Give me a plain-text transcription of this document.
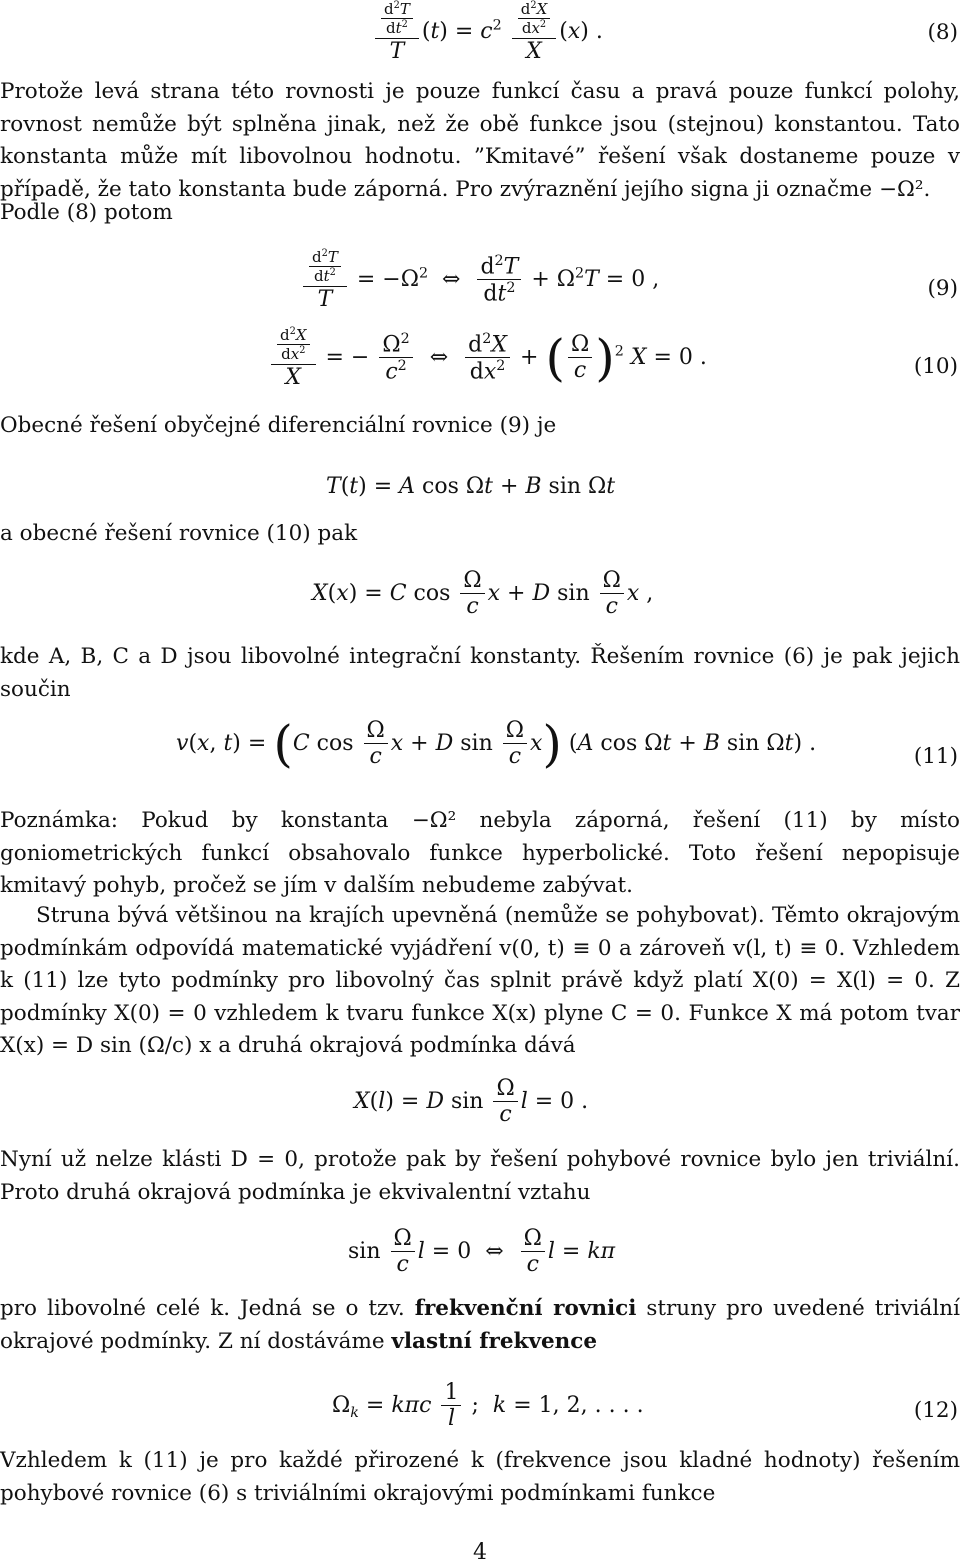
$\frac{\frac{d^2T}{dt^2}}{T} (t) = c^2 \frac{\frac{d^2X}{dx^2}}{X} (x)$ .	(8)

Protože levá strana této rovnosti je pouze funkcí času a pravá pouze funkcí polohy, rovnost nemůže být splněna jinak, než že obě funkce jsou (stejnou) konstantou. Tato konstanta může mít libovolnou hodnotu. ”Kmitavé” řešení však dostaneme pouze v případě, že tato konstanta bude záporná. Pro zvýraznění jejího signa ji označme −Ω².

Podle (8) potom

$\frac{\frac{d^2T}{dt^2}}{T} = -\Omega^2$  ⇔ $\frac{d^2T}{dt^2} + \Omega^2T = 0$ ,	(9)
$\frac{\frac{d^2X}{dx^2}}{X}$ = − $\frac{\Omega^2}{c^2}$ ⇔ $\frac{d^2X}{dx^2}$ + ( $\frac{\Omega}{c} )^2$ X = 0 .	(10)

Obecné řešení obyčejné diferenciální rovnice (9) je

T(t) = A cos Ωt + B sin Ωt

a obecné řešení rovnice (10) pak

X(x) = C $\cos \frac{\Omega}{c}$ x + D $\sin \frac{\Omega}{c}$ x ,

kde A, B, C a D jsou libovolné integrační konstanty. Řešením rovnice (6) je pak jejich součin

v(x, t) = (C $\cos \frac{\Omega}{c}$ x + D $\sin \frac{\Omega}{c} x$) (A cos Ωt + B sin Ωt) .
(11)

Poznámka: Pokud by konstanta −Ω² nebyla záporná, řešení (11) by místo goniometrických funkcí obsahovalo funkce hyperbolické. Toto řešení nepopisuje kmitavý pohyb, pročež se jím v dalším nebudeme zabývat.

Struna bývá většinou na krajích upevněná (nemůže se pohybovat). Těmto okrajovým podmínkám odpovídá matematické vyjádření v(0, t) ≡ 0 a zároveň v(l, t) ≡ 0. Vzhledem k (11) lze tyto podmínky pro libovolný čas splnit právě když platí X(0) = X(l) = 0. Z podmínky X(0) = 0 vzhledem k tvaru funkce X(x) plyne C = 0. Funkce X má potom tvar X(x) = D sin (Ω/c) x a druhá okrajová podmínka dává

X(l) = D $\sin \frac{\Omega}{c}$ l = 0 .

Nyní už nelze klásti D = 0, protože pak by řešení pohybové rovnice bylo jen triviální. Proto druhá okrajová podmínka je ekvivalentní vztahu

$\sin \frac{\Omega}{c}$ l = 0  ⇔ $\frac{\Omega}{c}$ l = kπ

pro libovolné celé k. Jedná se o tzv. frekvenční rovnici struny pro uvedené triviální okrajové podmínky. Z ní dostáváme vlastní frekvence

$\Omega_k = k\pi c \frac{1}{l}$ ;  k = 1, 2, . . . .	(12)

Vzhledem k (11) je pro každé přirozené k (frekvence jsou kladné hodnoty) řešením pohybové rovnice (6) s triviálními okrajovými podmínkami funkce

4
